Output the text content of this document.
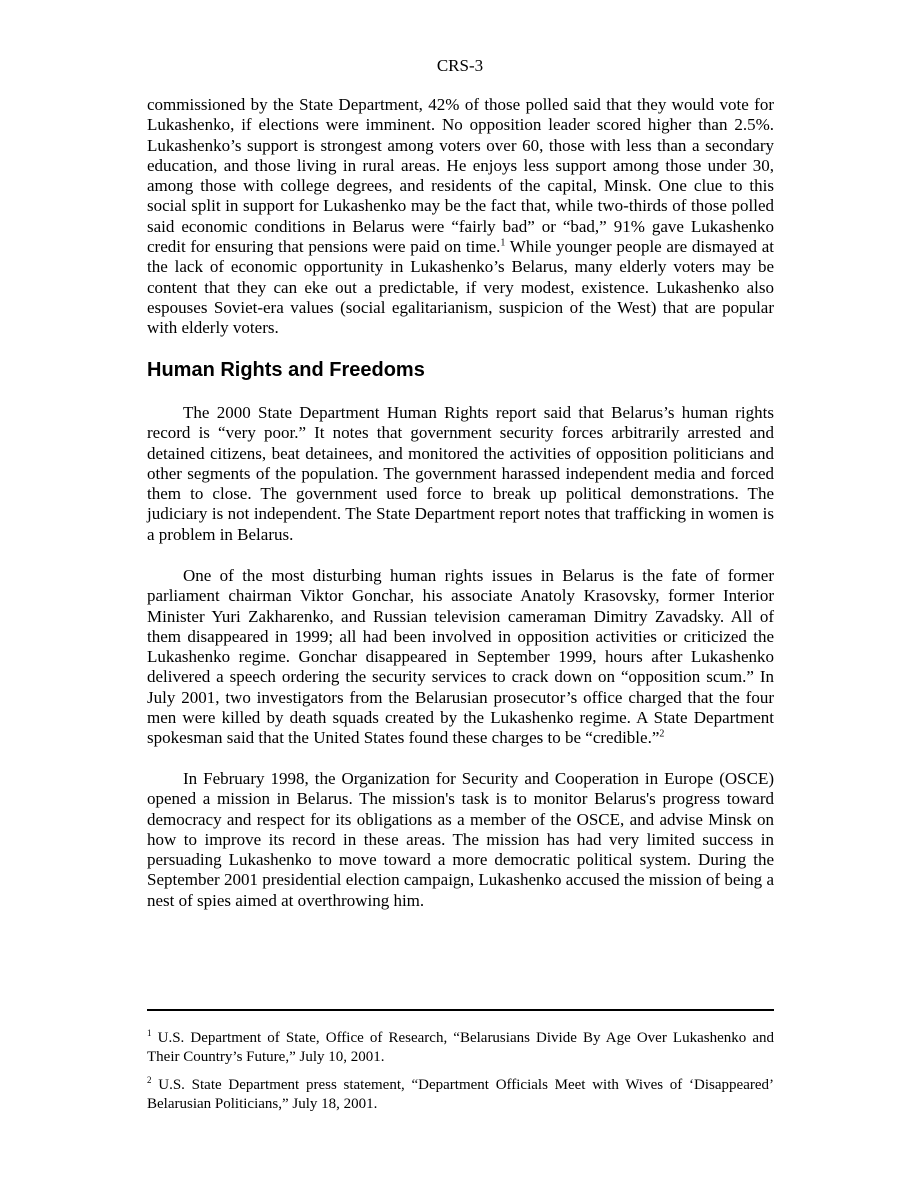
CRS-3

commissioned by the State Department, 42% of those polled said that they would vote for Lukashenko, if elections were imminent. No opposition leader scored higher than 2.5%. Lukashenko’s support is strongest among voters over 60, those with less than a secondary education, and those living in rural areas. He enjoys less support among those under 30, among those with college degrees, and residents of the capital, Minsk. One clue to this social split in support for Lukashenko may be the fact that, while two-thirds of those polled said economic conditions in Belarus were “fairly bad” or “bad,” 91% gave Lukashenko credit for ensuring that pensions were paid on time.$^1$ While younger people are dismayed at the lack of economic opportunity in Lukashenko’s Belarus, many elderly voters may be content that they can eke out a predictable, if very modest, existence. Lukashenko also espouses Soviet-era values (social egalitarianism, suspicion of the West) that are popular with elderly voters.

Human Rights and Freedoms

The 2000 State Department Human Rights report said that Belarus’s human rights record is “very poor.” It notes that government security forces arbitrarily arrested and detained citizens, beat detainees, and monitored the activities of opposition politicians and other segments of the population. The government harassed independent media and forced them to close. The government used force to break up political demonstrations. The judiciary is not independent. The State Department report notes that trafficking in women is a problem in Belarus.

One of the most disturbing human rights issues in Belarus is the fate of former parliament chairman Viktor Gonchar, his associate Anatoly Krasovsky, former Interior Minister Yuri Zakharenko, and Russian television cameraman Dimitry Zavadsky. All of them disappeared in 1999; all had been involved in opposition activities or criticized the Lukashenko regime. Gonchar disappeared in September 1999, hours after Lukashenko delivered a speech ordering the security services to crack down on “opposition scum.” In July 2001, two investigators from the Belarusian prosecutor’s office charged that the four men were killed by death squads created by the Lukashenko regime. A State Department spokesman said that the United States found these charges to be “credible.”$^2$

In February 1998, the Organization for Security and Cooperation in Europe (OSCE) opened a mission in Belarus. The mission's task is to monitor Belarus's progress toward democracy and respect for its obligations as a member of the OSCE, and advise Minsk on how to improve its record in these areas. The mission has had very limited success in persuading Lukashenko to move toward a more democratic political system. During the September 2001 presidential election campaign, Lukashenko accused the mission of being a nest of spies aimed at overthrowing him.

$^1$ U.S. Department of State, Office of Research, “Belarusians Divide By Age Over Lukashenko and Their Country’s Future,” July 10, 2001.

$^2$ U.S. State Department press statement, “Department Officials Meet with Wives of ‘Disappeared’ Belarusian Politicians,” July 18, 2001.
